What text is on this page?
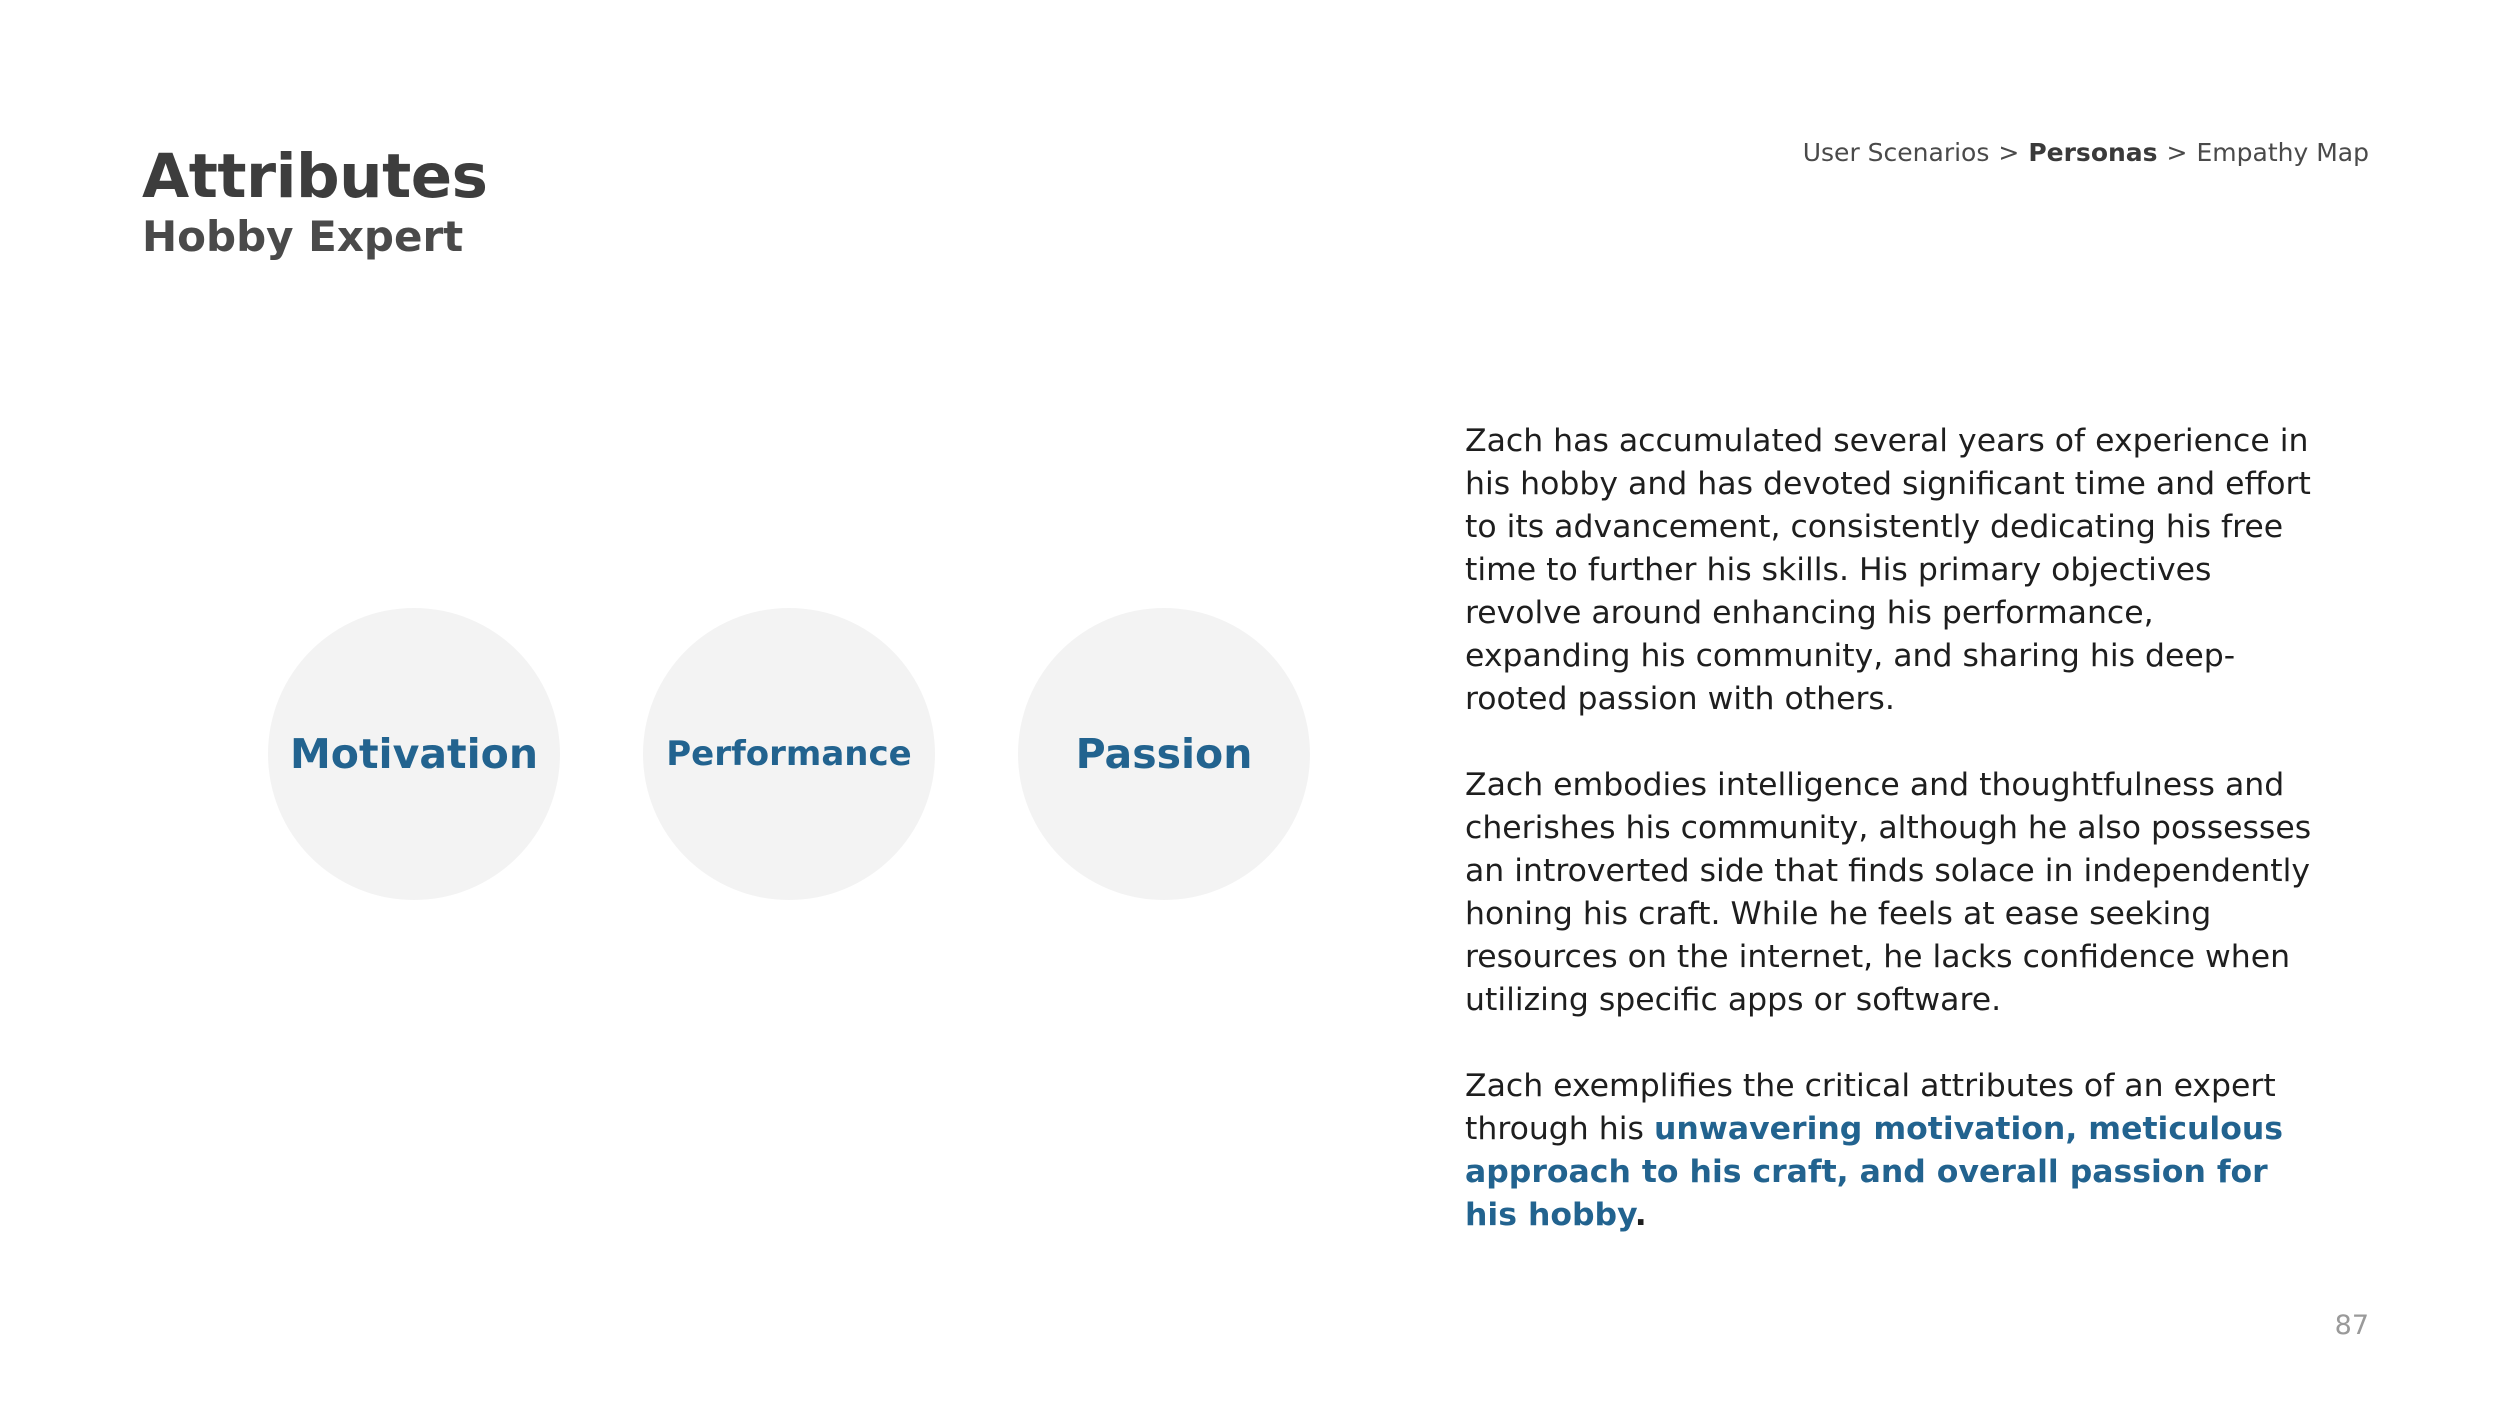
Attributes
Hobby Expert
User Scenarios > Personas > Empathy Map
Motivation	Performance	Passion

Zach has accumulated several years of experience in his hobby and has devoted significant time and effort to its advancement, consistently dedicating his free time to further his skills. His primary objectives revolve around enhancing his performance, expanding his community, and sharing his deep-rooted passion with others.

Zach embodies intelligence and thoughtfulness and cherishes his community, although he also possesses an introverted side that finds solace in independently honing his craft. While he feels at ease seeking resources on the internet, he lacks confidence when utilizing specific apps or software.

Zach exemplifies the critical attributes of an expert through his unwavering motivation, meticulous approach to his craft, and overall passion for his hobby.

87
